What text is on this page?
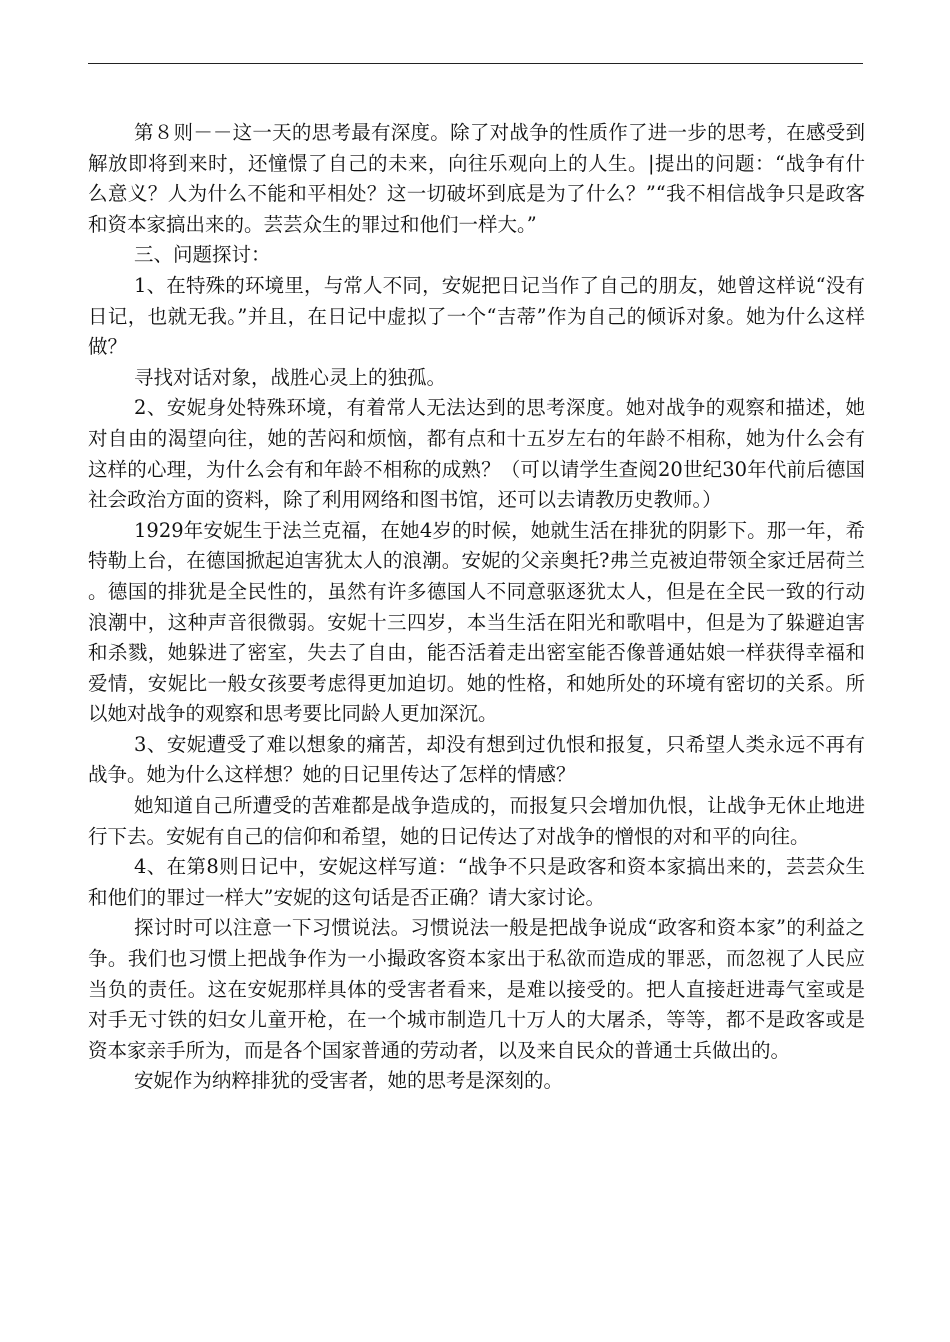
第８则－－这一天的思考最有深度。除了对战争的性质作了进一步的思考，在感受到解放即将到来时，还憧憬了自己的未来，向往乐观向上的人生。|提出的问题：“战争有什么意义？人为什么不能和平相处？这一切破坏到底是为了什么？”“我不相信战争只是政客和资本家搞出来的。芸芸众生的罪过和他们一样大。”

三、问题探讨：

1、在特殊的环境里，与常人不同，安妮把日记当作了自己的朋友，她曾这样说“没有日记，也就无我。”并且，在日记中虚拟了一个“吉蒂”作为自己的倾诉对象。她为什么这样做？

寻找对话对象，战胜心灵上的独孤。

2、安妮身处特殊环境，有着常人无法达到的思考深度。她对战争的观察和描述，她对自由的渴望向往，她的苦闷和烦恼，都有点和十五岁左右的年龄不相称，她为什么会有这样的心理，为什么会有和年龄不相称的成熟？（可以请学生查阅20世纪30年代前后德国社会政治方面的资料，除了利用网络和图书馆，还可以去请教历史教师。）

1929年安妮生于法兰克福，在她4岁的时候，她就生活在排犹的阴影下。那一年，希特勒上台，在德国掀起迫害犹太人的浪潮。安妮的父亲奥托?弗兰克被迫带领全家迁居荷兰。德国的排犹是全民性的，虽然有许多德国人不同意驱逐犹太人，但是在全民一致的行动浪潮中，这种声音很微弱。安妮十三四岁，本当生活在阳光和歌唱中，但是为了躲避迫害和杀戮，她躲进了密室，失去了自由，能否活着走出密室能否像普通姑娘一样获得幸福和爱情，安妮比一般女孩要考虑得更加迫切。她的性格，和她所处的环境有密切的关系。所以她对战争的观察和思考要比同龄人更加深沉。

3、安妮遭受了难以想象的痛苦，却没有想到过仇恨和报复，只希望人类永远不再有战争。她为什么这样想？她的日记里传达了怎样的情感？

她知道自己所遭受的苦难都是战争造成的，而报复只会增加仇恨，让战争无休止地进行下去。安妮有自己的信仰和希望，她的日记传达了对战争的憎恨的对和平的向往。

4、在第8则日记中，安妮这样写道：“战争不只是政客和资本家搞出来的，芸芸众生和他们的罪过一样大”安妮的这句话是否正确？请大家讨论。

探讨时可以注意一下习惯说法。习惯说法一般是把战争说成“政客和资本家”的利益之争。我们也习惯上把战争作为一小撮政客资本家出于私欲而造成的罪恶，而忽视了人民应当负的责任。这在安妮那样具体的受害者看来，是难以接受的。把人直接赶进毒气室或是对手无寸铁的妇女儿童开枪，在一个城市制造几十万人的大屠杀，等等，都不是政客或是资本家亲手所为，而是各个国家普通的劳动者，以及来自民众的普通士兵做出的。

安妮作为纳粹排犹的受害者，她的思考是深刻的。
